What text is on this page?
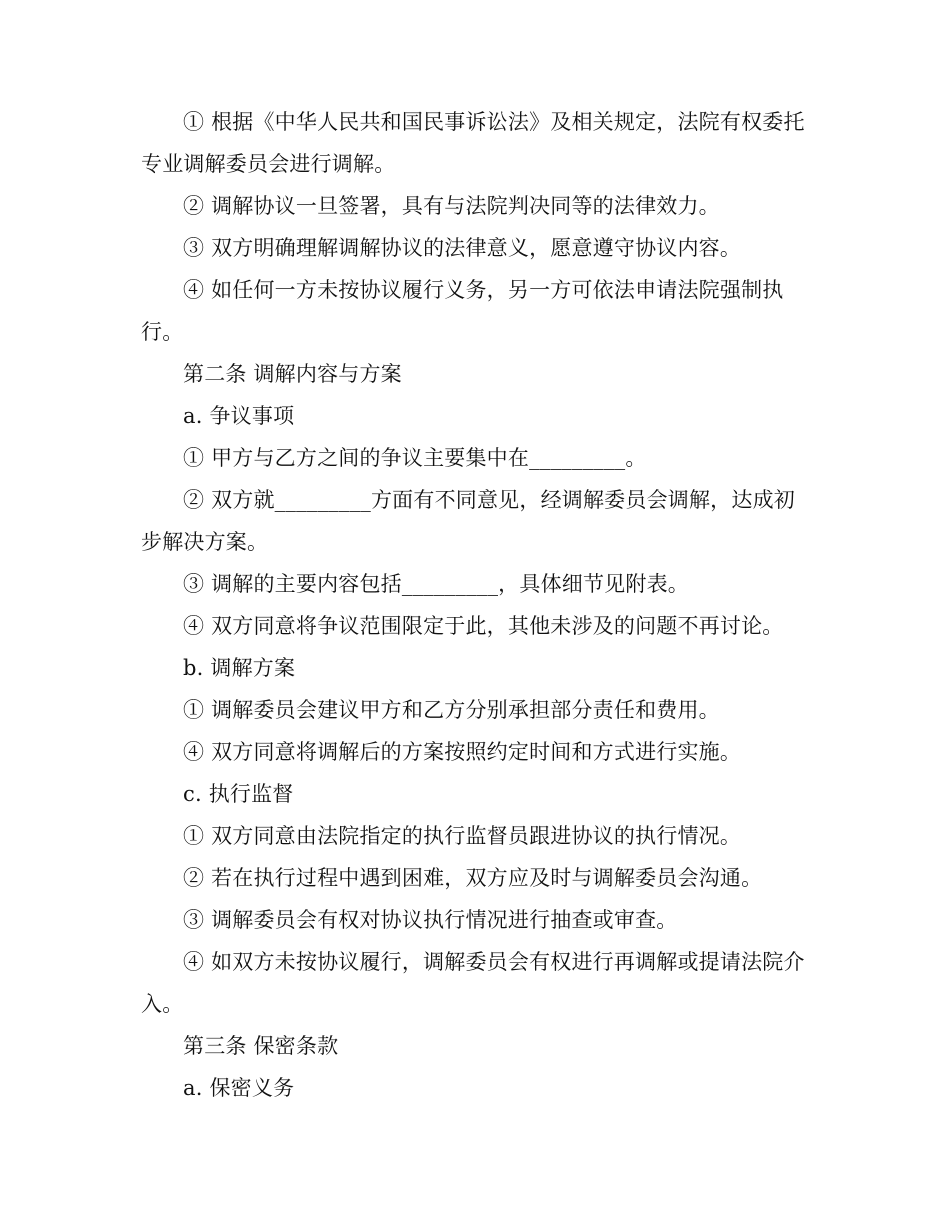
① 根据《中华人民共和国民事诉讼法》及相关规定，法院有权委托专业调解委员会进行调解。

② 调解协议一旦签署，具有与法院判决同等的法律效力。

③ 双方明确理解调解协议的法律意义，愿意遵守协议内容。

④ 如任何一方未按协议履行义务，另一方可依法申请法院强制执行。

第二条 调解内容与方案

a. 争议事项

① 甲方与乙方之间的争议主要集中在_________。

② 双方就_________方面有不同意见，经调解委员会调解，达成初步解决方案。

③ 调解的主要内容包括_________，具体细节见附表。

④ 双方同意将争议范围限定于此，其他未涉及的问题不再讨论。

b. 调解方案

① 调解委员会建议甲方和乙方分别承担部分责任和费用。

④ 双方同意将调解后的方案按照约定时间和方式进行实施。

c. 执行监督

① 双方同意由法院指定的执行监督员跟进协议的执行情况。

② 若在执行过程中遇到困难，双方应及时与调解委员会沟通。

③ 调解委员会有权对协议执行情况进行抽查或审查。

④ 如双方未按协议履行，调解委员会有权进行再调解或提请法院介入。

第三条 保密条款

a. 保密义务
